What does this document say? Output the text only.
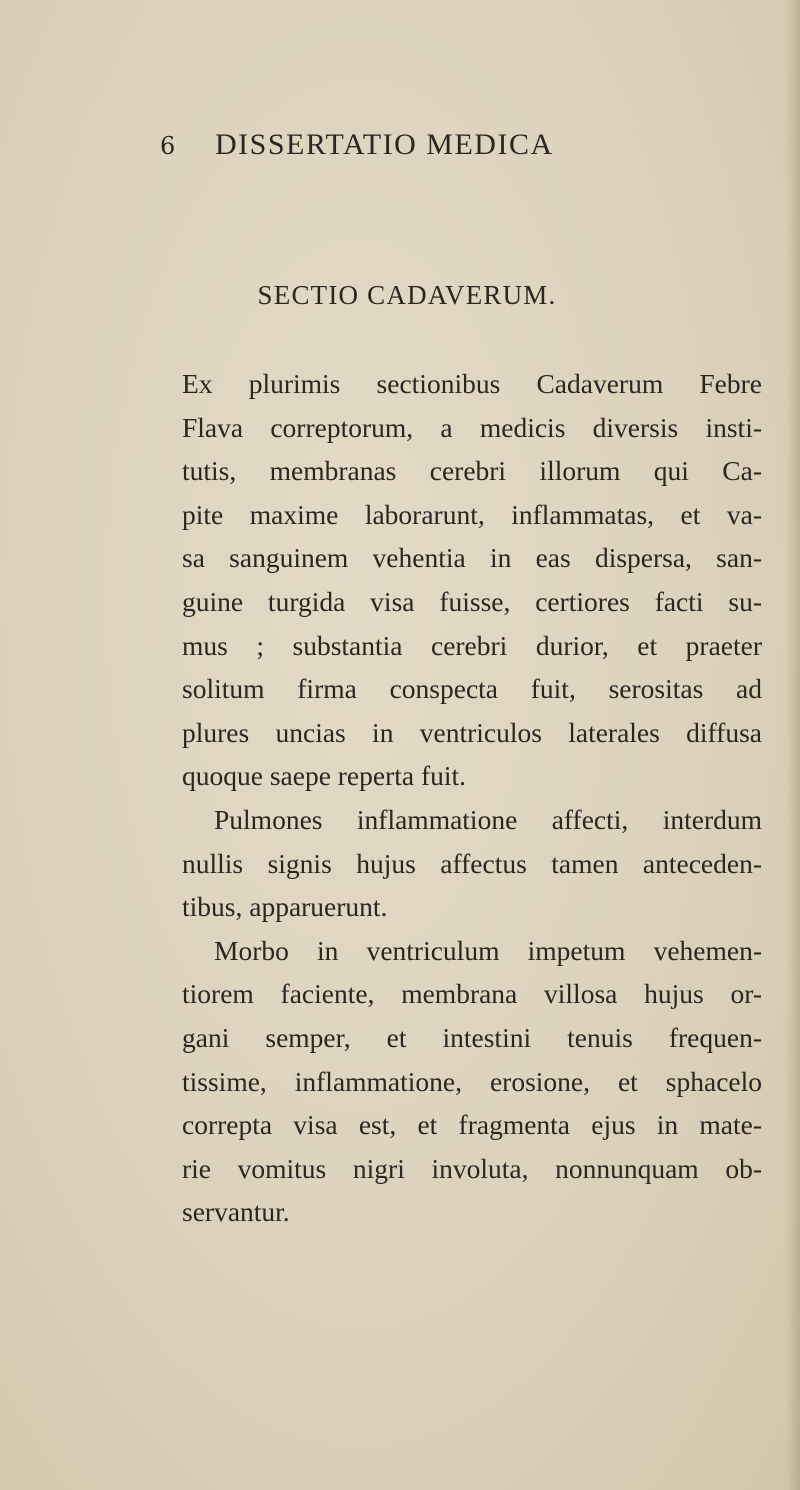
6 DISSERTATIO MEDICA
SECTIO CADAVERUM.
Ex plurimis sectionibus Cadaverum Febre
Flava correptorum, a medicis diversis insti-
tutis, membranas cerebri illorum qui Ca-
pite maxime laborarunt, inflammatas, et va-
sa sanguinem vehentia in eas dispersa, san-
guine turgida visa fuisse, certiores facti su-
mus ; substantia cerebri durior, et praeter
solitum firma conspecta fuit, serositas ad
plures uncias in ventriculos laterales diffusa
quoque saepe reperta fuit.
Pulmones inflammatione affecti, interdum
nullis signis hujus affectus tamen anteceden-
tibus, apparuerunt.
Morbo in ventriculum impetum vehemen-
tiorem faciente, membrana villosa hujus or-
gani semper, et intestini tenuis frequen-
tissime, inflammatione, erosione, et sphacelo
correpta visa est, et fragmenta ejus in mate-
rie vomitus nigri involuta, nonnunquam ob-
servantur.
